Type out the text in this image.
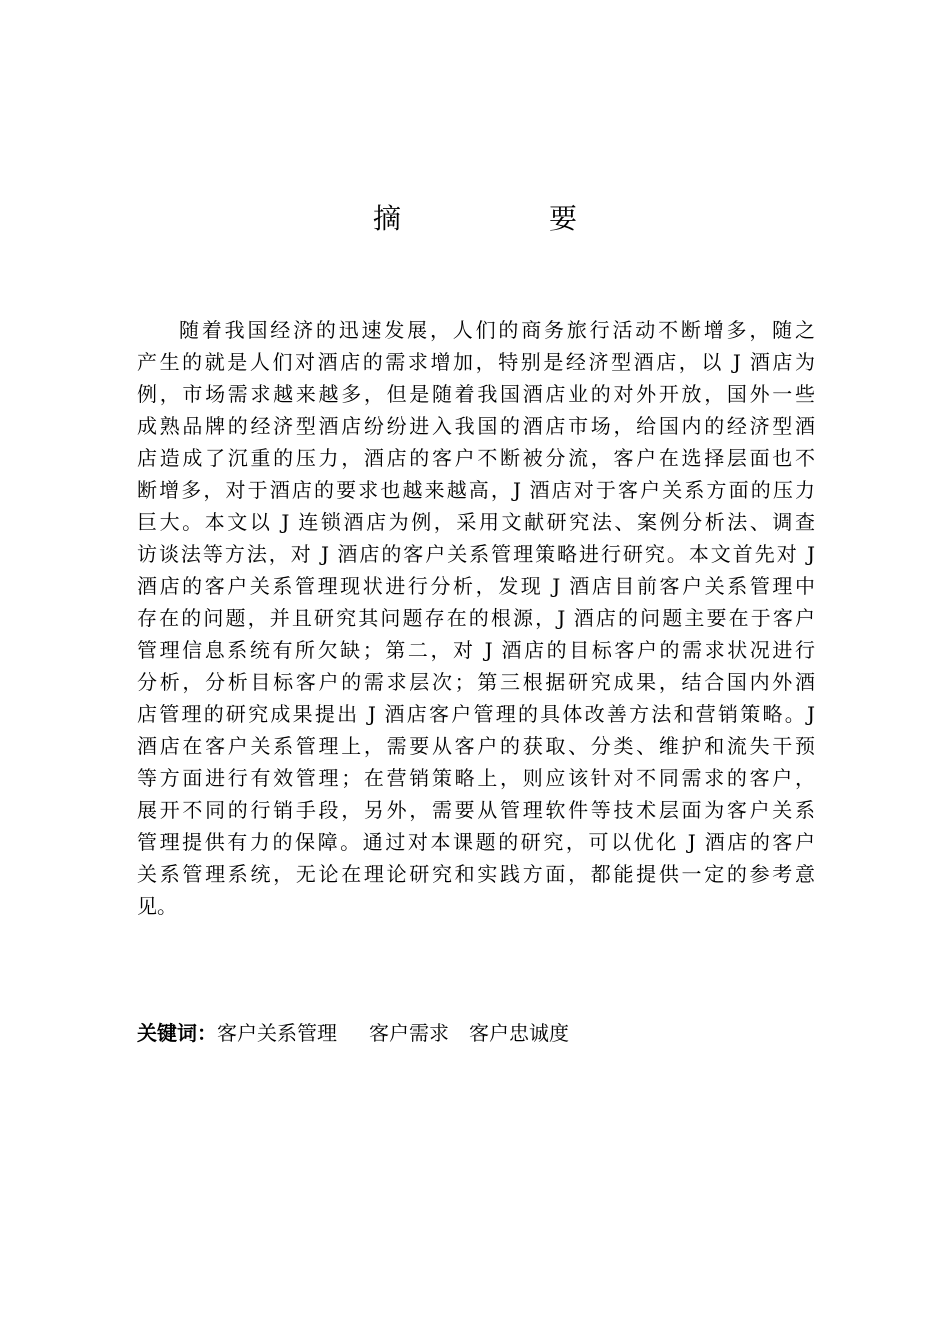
摘　要
随着我国经济的迅速发展，人们的商务旅行活动不断增多，随之
产生的就是人们对酒店的需求增加，特别是经济型酒店，以 J 酒店为
例，市场需求越来越多，但是随着我国酒店业的对外开放，国外一些
成熟品牌的经济型酒店纷纷进入我国的酒店市场，给国内的经济型酒
店造成了沉重的压力，酒店的客户不断被分流，客户在选择层面也不
断增多，对于酒店的要求也越来越高，J 酒店对于客户关系方面的压力
巨大。本文以 J 连锁酒店为例，采用文献研究法、案例分析法、调查
访谈法等方法，对 J 酒店的客户关系管理策略进行研究。本文首先对 J
酒店的客户关系管理现状进行分析，发现 J 酒店目前客户关系管理中
存在的问题，并且研究其问题存在的根源，J 酒店的问题主要在于客户
管理信息系统有所欠缺；第二，对 J 酒店的目标客户的需求状况进行
分析，分析目标客户的需求层次；第三根据研究成果，结合国内外酒
店管理的研究成果提出 J 酒店客户管理的具体改善方法和营销策略。J
酒店在客户关系管理上，需要从客户的获取、分类、维护和流失干预
等方面进行有效管理；在营销策略上，则应该针对不同需求的客户，
展开不同的行销手段，另外，需要从管理软件等技术层面为客户关系
管理提供有力的保障。通过对本课题的研究，可以优化 J 酒店的客户
关系管理系统，无论在理论研究和实践方面，都能提供一定的参考意
见。
关键词：客户关系管理 客户需求 客户忠诚度
